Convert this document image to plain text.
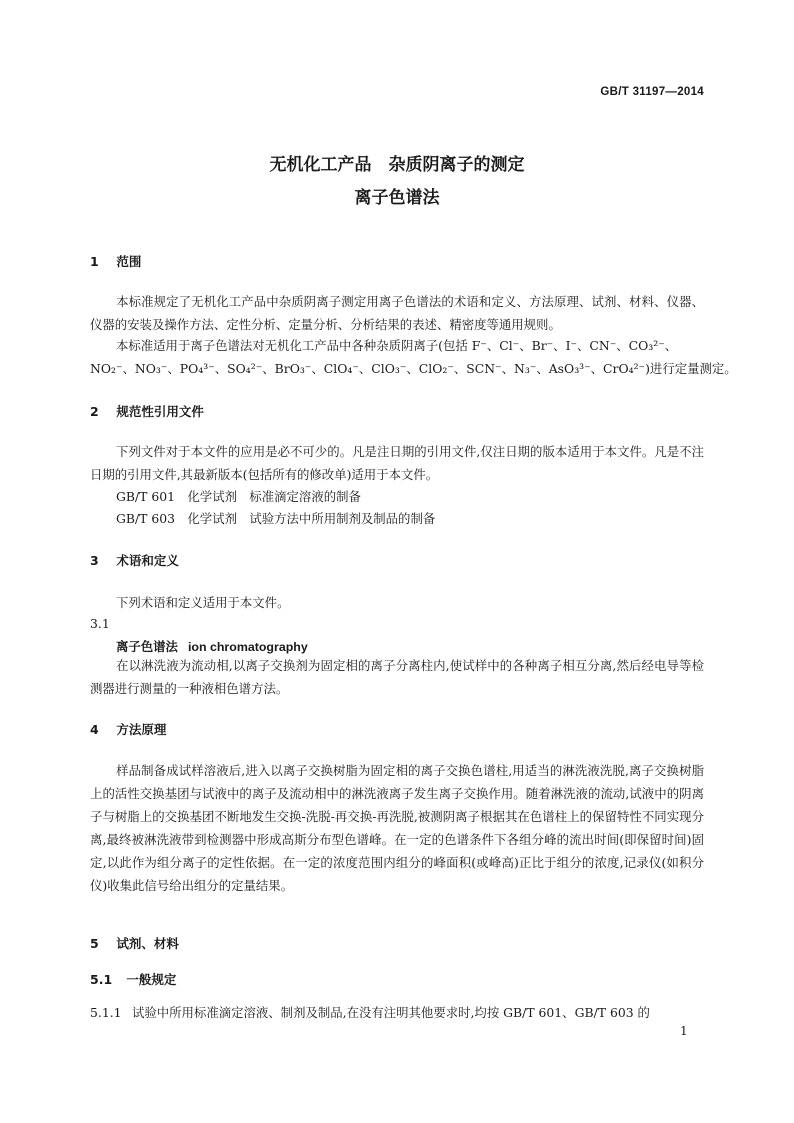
GB/T 31197—2014
无机化工产品　杂质阴离子的测定
离子色谱法
1 范围
本标准规定了无机化工产品中杂质阴离子测定用离子色谱法的术语和定义、方法原理、试剂、材料、仪器、仪器的安装及操作方法、定性分析、定量分析、分析结果的表述、精密度等通用规则。
本标准适用于离子色谱法对无机化工产品中各种杂质阴离子(包括 F⁻、Cl⁻、Br⁻、I⁻、CN⁻、CO₃²⁻、
NO₂⁻、NO₃⁻、PO₄³⁻、SO₄²⁻、BrO₃⁻、ClO₄⁻、ClO₃⁻、ClO₂⁻、SCN⁻、N₃⁻、AsO₃³⁻、CrO₄²⁻)进行定量测定。
2 规范性引用文件
下列文件对于本文件的应用是必不可少的。凡是注日期的引用文件,仅注日期的版本适用于本文件。凡是不注日期的引用文件,其最新版本(包括所有的修改单)适用于本文件。
GB/T 601　化学试剂　标准滴定溶液的制备
GB/T 603　化学试剂　试验方法中所用制剂及制品的制备
3 术语和定义
下列术语和定义适用于本文件。
3.1
离子色谱法 ion chromatography
在以淋洗液为流动相,以离子交换剂为固定相的离子分离柱内,使试样中的各种离子相互分离,然后经电导等检测器进行测量的一种液相色谱方法。
4 方法原理
样品制备成试样溶液后,进入以离子交换树脂为固定相的离子交换色谱柱,用适当的淋洗液洗脱,离子交换树脂上的活性交换基团与试液中的离子及流动相中的淋洗液离子发生离子交换作用。随着淋洗液的流动,试液中的阴离子与树脂上的交换基团不断地发生交换-洗脱-再交换-再洗脱,被测阴离子根据其在色谱柱上的保留特性不同实现分离,最终被淋洗液带到检测器中形成高斯分布型色谱峰。在一定的色谱条件下各组分峰的流出时间(即保留时间)固定,以此作为组分离子的定性依据。在一定的浓度范围内组分的峰面积(或峰高)正比于组分的浓度,记录仪(如积分仪)收集此信号给出组分的定量结果。
5 试剂、材料
5.1 一般规定
5.1.1 试验中所用标准滴定溶液、制剂及制品,在没有注明其他要求时,均按 GB/T 601、GB/T 603 的
1
